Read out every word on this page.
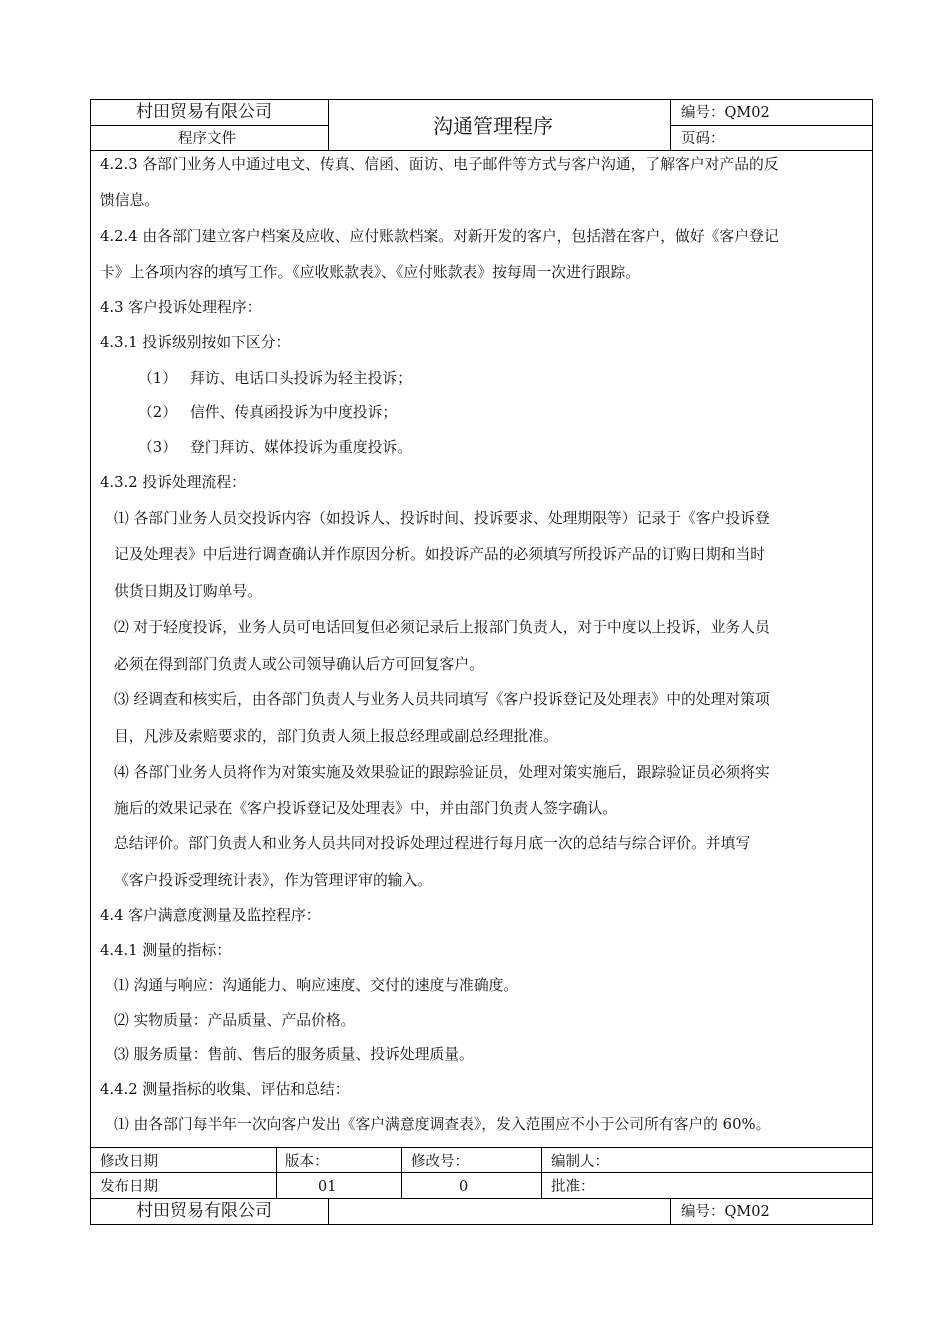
村田贸易有限公司
程序文件
沟通管理程序
编号：QM02
页码：
4.2.3 各部门业务人中通过电文、传真、信函、面访、电子邮件等方式与客户沟通，了解客户对产品的反
馈信息。
4.2.4 由各部门建立客户档案及应收、应付账款档案。对新开发的客户，包括潜在客户，做好《客户登记
卡》上各项内容的填写工作。《应收账款表》、《应付账款表》按每周一次进行跟踪。
4.3 客户投诉处理程序：
4.3.1 投诉级别按如下区分：
（1） 拜访、电话口头投诉为轻主投诉；
（2） 信件、传真函投诉为中度投诉；
（3） 登门拜访、媒体投诉为重度投诉。
4.3.2 投诉处理流程：
⑴ 各部门业务人员交投诉内容（如投诉人、投诉时间、投诉要求、处理期限等）记录于《客户投诉登
记及处理表》中后进行调查确认并作原因分析。如投诉产品的必须填写所投诉产品的订购日期和当时
供货日期及订购单号。
⑵ 对于轻度投诉，业务人员可电话回复但必须记录后上报部门负责人，对于中度以上投诉，业务人员
必须在得到部门负责人或公司领导确认后方可回复客户。
⑶ 经调查和核实后，由各部门负责人与业务人员共同填写《客户投诉登记及处理表》中的处理对策项
目，凡涉及索赔要求的，部门负责人须上报总经理或副总经理批准。
⑷ 各部门业务人员将作为对策实施及效果验证的跟踪验证员，处理对策实施后，跟踪验证员必须将实
施后的效果记录在《客户投诉登记及处理表》中，并由部门负责人签字确认。
总结评价。部门负责人和业务人员共同对投诉处理过程进行每月底一次的总结与综合评价。并填写
《客户投诉受理统计表》，作为管理评审的输入。
4.4 客户满意度测量及监控程序：
4.4.1 测量的指标：
⑴ 沟通与响应：沟通能力、响应速度、交付的速度与准确度。
⑵ 实物质量：产品质量、产品价格。
⑶ 服务质量：售前、售后的服务质量、投诉处理质量。
4.4.2 测量指标的收集、评估和总结：
⑴ 由各部门每半年一次向客户发出《客户满意度调查表》，发入范围应不小于公司所有客户的 60%。
修改日期
发布日期
版本：
01
修改号：
0
编制人：
批准：
村田贸易有限公司	编号：QM02
